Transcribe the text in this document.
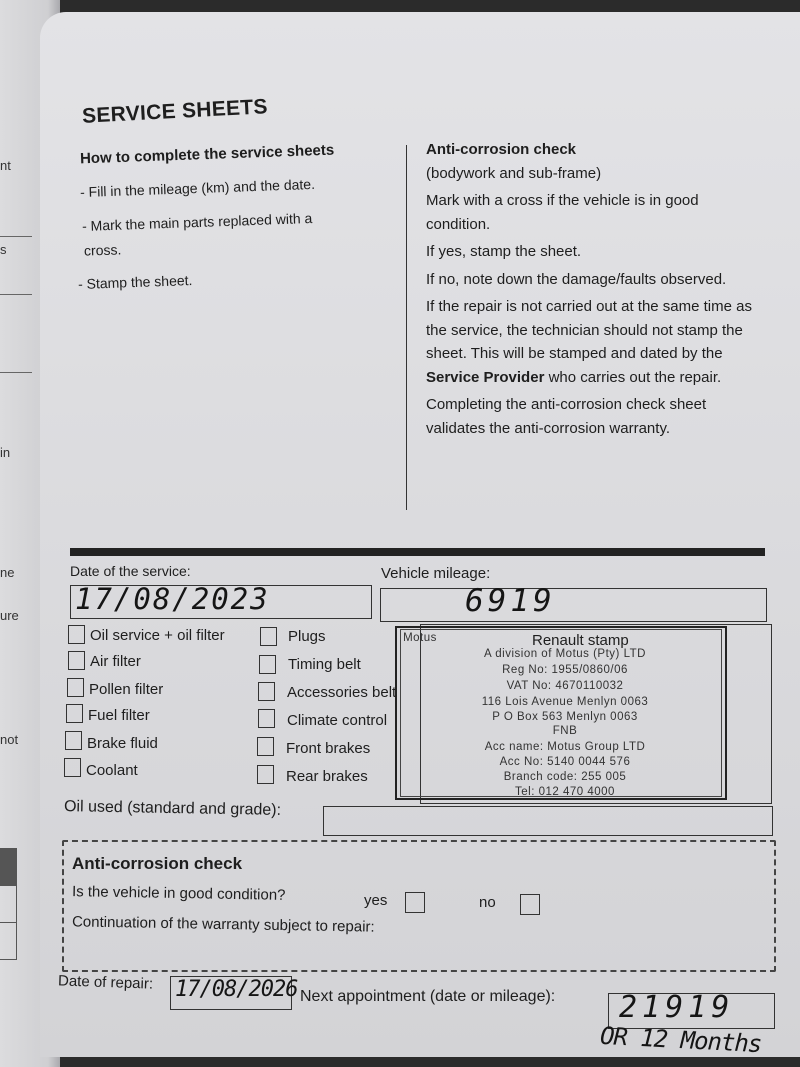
nt
s
in
ne
ure
not
SERVICE SHEETS
How to complete the service sheets
- Fill in the mileage (km) and the date.
- Mark the main parts replaced with a
cross.
- Stamp the sheet.

Anti-corrosion check

(bodywork and sub-frame)

Mark with a cross if the vehicle is in good condition.

If yes, stamp the sheet.

If no, note down the damage/faults observed.

If the repair is not carried out at the same time as the service, the technician should not stamp the sheet. This will be stamped and dated by the Service Provider who carries out the repair.

Completing the anti-corrosion check sheet validates the anti-corrosion warranty.

Date of the service:
17/08/2023
Vehicle mileage:
6919
Oil service + oil filter
Air filter
Pollen filter
Fuel filter
Brake fluid
Coolant
Plugs
Timing belt
Accessories belt
Climate control
Front brakes
Rear brakes
Renault stamp
Motus
A division of Motus (Pty) LTD
Reg No: 1955/0860/06
VAT No: 4670110032
116 Lois Avenue Menlyn 0063
P O Box 563 Menlyn 0063
FNB
Acc name: Motus Group LTD
Acc No: 5140 0044 576
Branch code: 255 005
Tel: 012 470 4000
Oil used (standard and grade):
Anti-corrosion check
Is the vehicle in good condition?	yes	no
Continuation of the warranty subject to repair:
Date of repair: 17/08/2026 Next appointment (date or mileage): 21919
OR 12 Months
